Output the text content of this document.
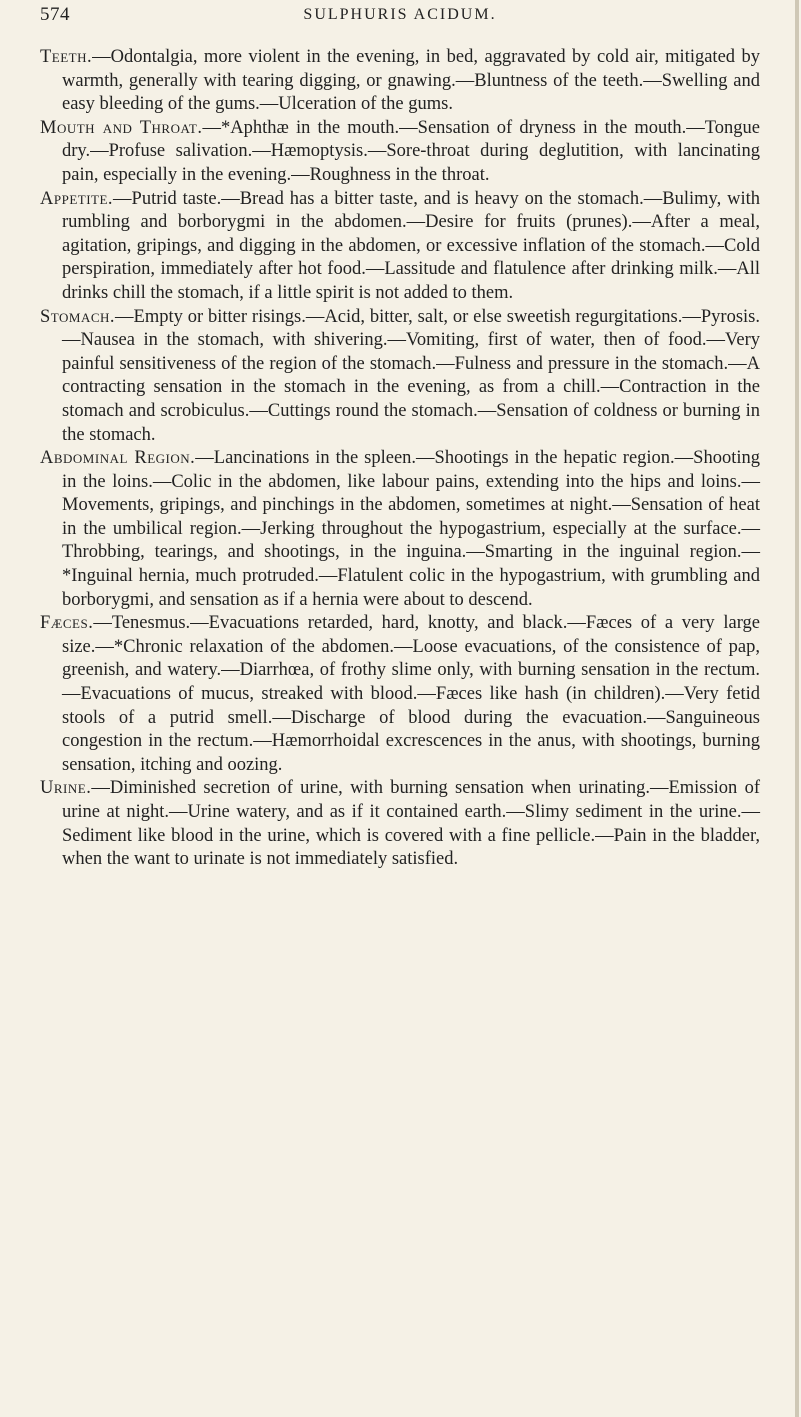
574	SULPHURIS ACIDUM.

Teeth.—Odontalgia, more violent in the evening, in bed, aggravated by cold air, mitigated by warmth, generally with tearing digging, or gnawing.—Bluntness of the teeth.—Swelling and easy bleeding of the gums.—Ulceration of the gums.

Mouth and Throat.—*Aphthæ in the mouth.—Sensation of dryness in the mouth.—Tongue dry.—Profuse salivation.—Hæmoptysis.—Sore-throat during deglutition, with lancinating pain, especially in the evening.—Roughness in the throat.

Appetite.—Putrid taste.—Bread has a bitter taste, and is heavy on the stomach.—Bulimy, with rumbling and borborygmi in the abdomen.—Desire for fruits (prunes).—After a meal, agitation, gripings, and digging in the abdomen, or excessive inflation of the stomach.—Cold perspiration, immediately after hot food.—Lassitude and flatulence after drinking milk.—All drinks chill the stomach, if a little spirit is not added to them.

Stomach.—Empty or bitter risings.—Acid, bitter, salt, or else sweetish regurgitations.—Pyrosis.—Nausea in the stomach, with shivering.—Vomiting, first of water, then of food.—Very painful sensitiveness of the region of the stomach.—Fulness and pressure in the stomach.—A contracting sensation in the stomach in the evening, as from a chill.—Contraction in the stomach and scrobiculus.—Cuttings round the stomach.—Sensation of coldness or burning in the stomach.

Abdominal Region.—Lancinations in the spleen.—Shootings in the hepatic region.—Shooting in the loins.—Colic in the abdomen, like labour pains, extending into the hips and loins.—Movements, gripings, and pinchings in the abdomen, sometimes at night.—Sensation of heat in the umbilical region.—Jerking throughout the hypogastrium, especially at the surface.—Throbbing, tearings, and shootings, in the inguina.—Smarting in the inguinal region.—*Inguinal hernia, much protruded.—Flatulent colic in the hypogastrium, with grumbling and borborygmi, and sensation as if a hernia were about to descend.

Fæces.—Tenesmus.—Evacuations retarded, hard, knotty, and black.—Fæces of a very large size.—*Chronic relaxation of the abdomen.—Loose evacuations, of the consistence of pap, greenish, and watery.—Diarrhœa, of frothy slime only, with burning sensation in the rectum.—Evacuations of mucus, streaked with blood.—Fæces like hash (in children).—Very fetid stools of a putrid smell.—Discharge of blood during the evacuation.—Sanguineous congestion in the rectum.—Hæmorrhoidal excrescences in the anus, with shootings, burning sensation, itching and oozing.

Urine.—Diminished secretion of urine, with burning sensation when urinating.—Emission of urine at night.—Urine watery, and as if it contained earth.—Slimy sediment in the urine.—Sediment like blood in the urine, which is covered with a fine pellicle.—Pain in the bladder, when the want to urinate is not immediately satisfied.
